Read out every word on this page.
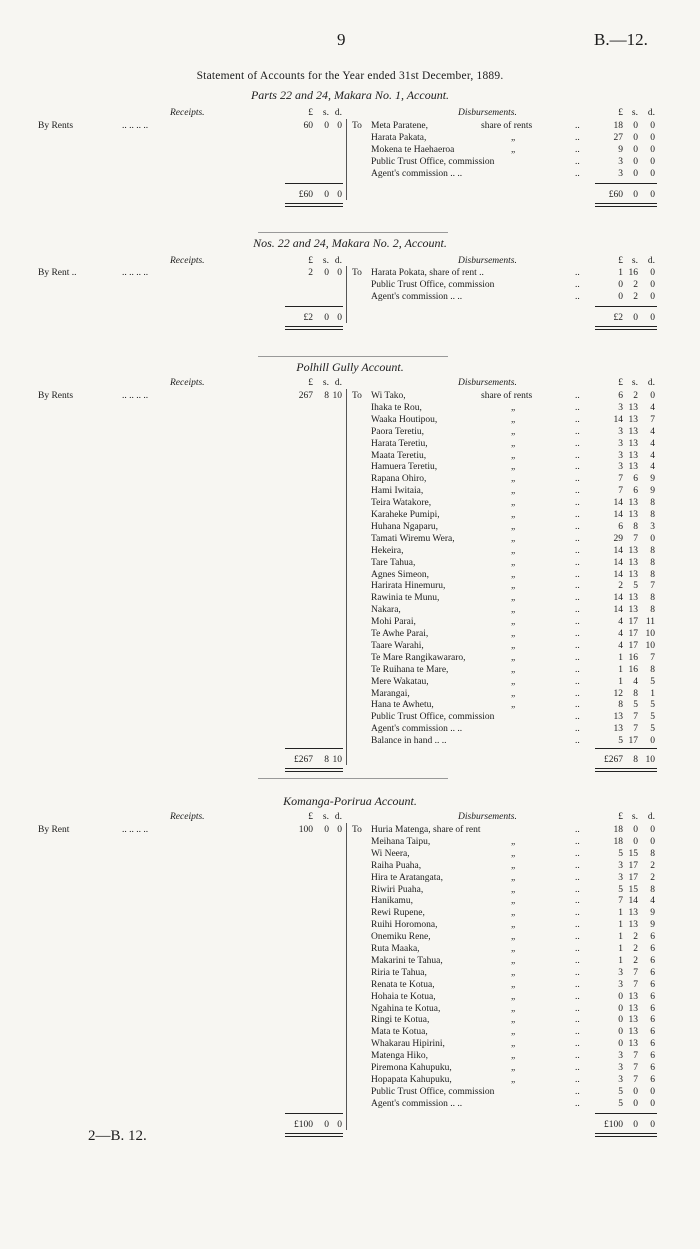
9	B.—12.
Statement of Accounts for the Year ended 31st December, 1889.
Parts 22 and 24, Makara No. 1, Account.
Receipts.	Disbursements.
£ s. d.	£ s. d.
By Rents	.. .. .. ..	60 0 0 To Meta Paratene,	share of rents	..	18 0 0
Harata Pakata,	„	..	27 0 0
Mokena te Haehaeroa	„	..	9 0 0
Public Trust Office, commission	..	3 0 0
Agent's commission .. ..	..	3 0 0
£60 0 0	£60 0 0
Nos. 22 and 24, Makara No. 2, Account.
Receipts.	Disbursements.
£ s. d.	£ s. d.
By Rent ..	.. .. .. ..	2 0 0 To Harata Pokata, share of rent ..	..	1 16 0
Public Trust Office, commission	..	0 2 0
Agent's commission .. ..	..	0 2 0
£2 0 0	£2 0 0
Polhill Gully Account.
Receipts.	Disbursements.
£ s. d.	£ s. d.
By Rents	.. .. .. ..	267 8 10 To Wi Tako,	share of rents	..	6 2 0
Ihaka te Rou,	„	..	3 13 4
Waaka Houtipou,	„	..	14 13 7
Paora Teretiu,	„	..	3 13 4
Harata Teretiu,	„	..	3 13 4
Maata Teretiu,	„	..	3 13 4
Hamuera Teretiu,	„	..	3 13 4
Rapana Ohiro,	„	..	7 6 9
Hami Iwitaia,	„	..	7 6 9
Teira Watakore,	„	..	14 13 8
Karaheke Pumipi,	„	..	14 13 8
Huhana Ngaparu,	„	..	6 8 3
Tamati Wiremu Wera,	„	..	29 7 0
Hekeira,	„	..	14 13 8
Tare Tahua,	„	..	14 13 8
Agnes Simeon,	„	..	14 13 8
Harirata Hinemuru,	„	..	2 5 7
Rawinia te Munu,	„	..	14 13 8
Nakara,	„	..	14 13 8
Mohi Parai,	„	..	4 17 11
Te Awhe Parai,	„	..	4 17 10
Taare Warahi,	„	..	4 17 10
Te Mare Rangikawararo,	„	..	1 16 7
Te Ruihana te Mare,	„	..	1 16 8
Mere Wakatau,	„	..	1 4 5
Marangai,	„	..	12 8 1
Hana te Awhetu,	„	..	8 5 5
Public Trust Office, commission	..	13 7 5
Agent's commission .. ..	..	13 7 5
Balance in hand .. ..	..	5 17 0
£267 8 10	£267 8 10
Komanga-Porirua Account.
Receipts.	Disbursements.
£ s. d.	£ s. d.
By Rent	.. .. .. ..	100 0 0 To Huria Matenga, share of rent	..	18 0 0
Meihana Taipu,	„	..	18 0 0
Wi Neera,	„	..	5 15 8
Raiha Puaha,	„	..	3 17 2
Hira te Aratangata,	„	..	3 17 2
Riwiri Puaha,	„	..	5 15 8
Hanikamu,	„	..	7 14 4
Rewi Rupene,	„	..	1 13 9
Ruihi Horomona,	„	..	1 13 9
Onemiku Rene,	„	..	1 2 6
Ruta Maaka,	„	..	1 2 6
Makarini te Tahua,	„	..	1 2 6
Riria te Tahua,	„	..	3 7 6
Renata te Kotua,	„	..	3 7 6
Hohaia te Kotua,	„	..	0 13 6
Ngahina te Kotua,	„	..	0 13 6
Ringi te Kotua,	„	..	0 13 6
Mata te Kotua,	„	..	0 13 6
Whakarau Hipirini,	„	..	0 13 6
Matenga Hiko,	„	..	3 7 6
Piremona Kahupuku,	„	..	3 7 6
Hopapata Kahupuku,	„	..	3 7 6
Public Trust Office, commission	..	5 0 0
Agent's commission .. ..	..	5 0 0
£100 0 0	£100 0 0
2—B. 12.
